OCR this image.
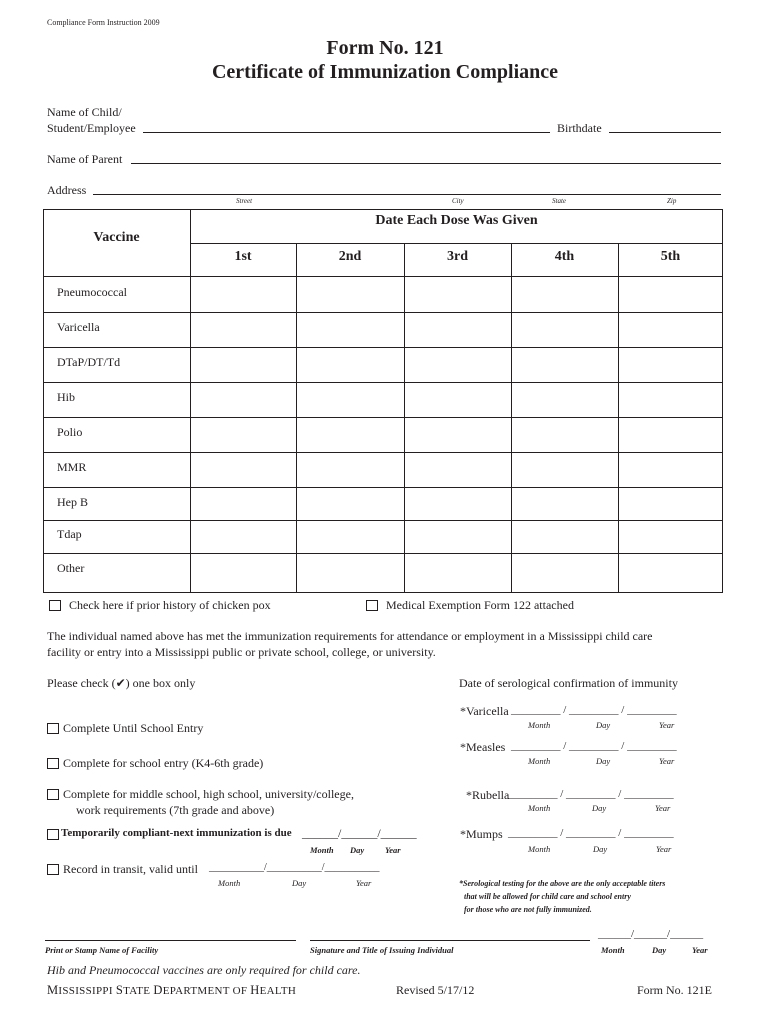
Compliance Form Instruction 2009
Form No. 121
Certificate of Immunization Compliance
Name of Child/
Student/Employee	Birthdate
Name of Parent
Address
Street	City	State	Zip
Vaccine
Date Each Dose Was Given
1st	2nd	3rd	4th	5th
Pneumococcal
Varicella
DTaP/DT/Td
Hib
Polio
MMR
Hep B
Tdap
Other
Check here if prior history of chicken pox	Medical Exemption Form 122 attached
The individual named above has met the immunization requirements for attendance or employment in a Mississippi child care
facility or entry into a Mississippi public or private school, college, or university.
Please check (✔) one box only
Complete Until School Entry
Complete for school entry (K4-6th grade)
Complete for middle school, high school, university/college,
work requirements (7th grade and above)
Temporarily compliant-next immunization is due ______/______/______
Month Day Year
Record in transit, valid until ___________/___________/___________
Month	Day	Year
Date of serological confirmation of immunity
*Varicella _________ / _________ / _________
Month	Day	Year
*Measles _________ / _________ / _________
Month	Day	Year
*Rubella
_________ / _________ / _________
Month	Day	Year
*Mumps _________ / _________ / _________
Month	Day	Year
*Serological testing for the above are the only acceptable titers
that will be allowed for child care and school entry
for those who are not fully immunized.
Print or Stamp Name of Facility	Signature and Title of Issuing Individual
______/______/______
Month	Day	Year
Hib and Pneumococcal vaccines are only required for child care.
MISSISSIPPI STATE DEPARTMENT OF HEALTH	Revised 5/17/12	Form No. 121E
